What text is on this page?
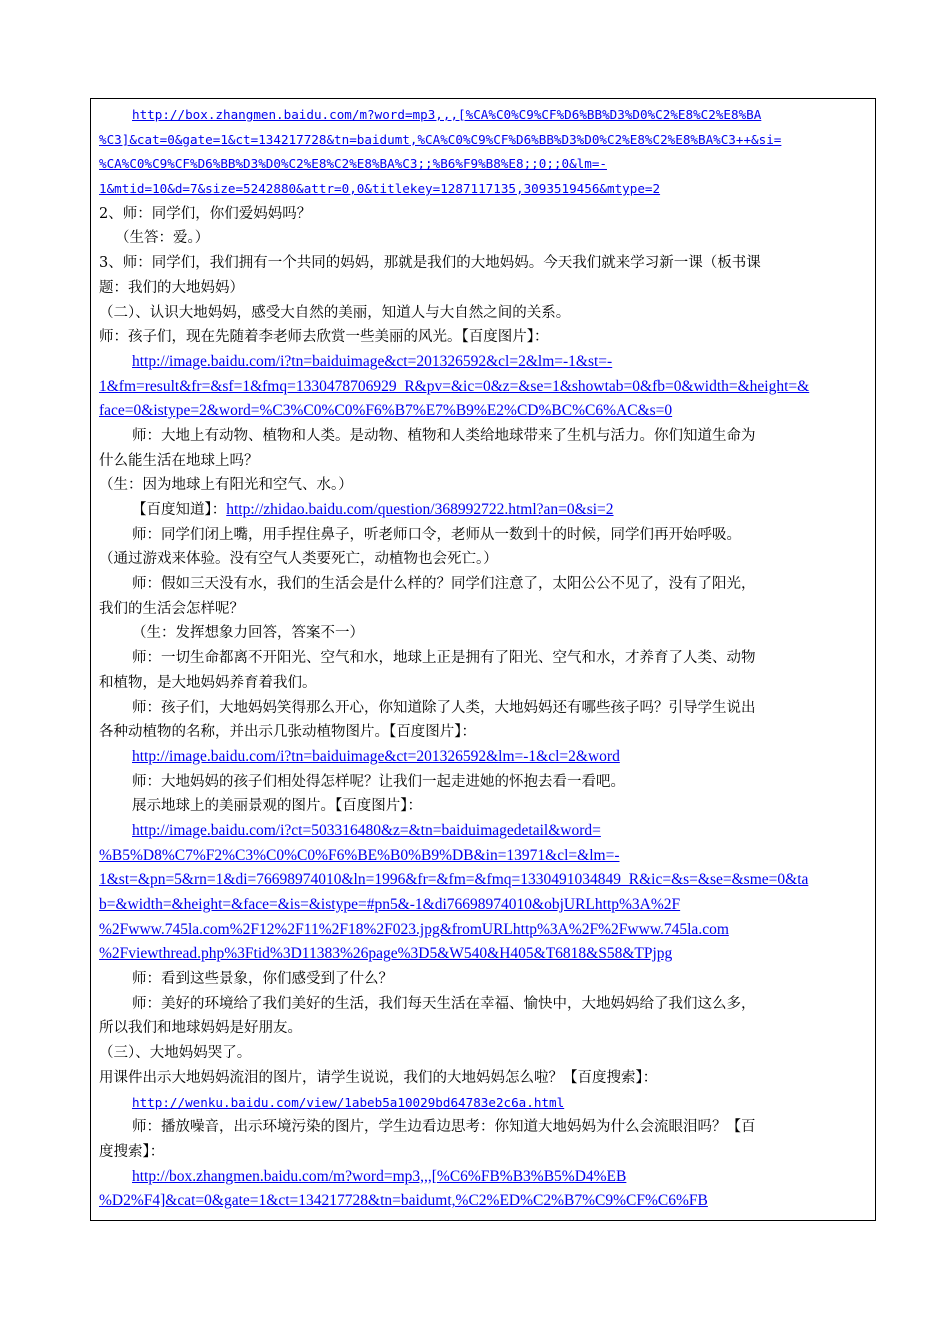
http://box.zhangmen.baidu.com/m?word=mp3,,,[%CA%C0%C9%CF%D6%BB%D3%D0%C2%E8%C2%E8%BA
%C3]&cat=0&gate=1&ct=134217728&tn=baidumt,%CA%C0%C9%CF%D6%BB%D3%D0%C2%E8%C2%E8%BA%C3++&si=
%CA%C0%C9%CF%D6%BB%D3%D0%C2%E8%C2%E8%BA%C3;;%B6%F9%B8%E8;;0;;0&lm=-
1&mtid=10&d=7&size=5242880&attr=0,0&titlekey=1287117135,3093519456&mtype=2
2、师：同学们，你们爱妈妈吗？
（生答：爱。）
3、师：同学们，我们拥有一个共同的妈妈，那就是我们的大地妈妈。今天我们就来学习新一课（板书课
题：我们的大地妈妈）
（二）、认识大地妈妈，感受大自然的美丽，知道人与大自然之间的关系。
师：孩子们，现在先随着李老师去欣赏一些美丽的风光。【百度图片】：
http://image.baidu.com/i?tn=baiduimage&ct=201326592&cl=2&lm=-1&st=-
1&fm=result&fr=&sf=1&fmq=1330478706929_R&pv=&ic=0&z=&se=1&showtab=0&fb=0&width=&height=&
face=0&istype=2&word=%C3%C0%C0%F6%B7%E7%B9%E2%CD%BC%C6%AC&s=0
师：大地上有动物、植物和人类。是动物、植物和人类给地球带来了生机与活力。你们知道生命为
什么能生活在地球上吗？
（生：因为地球上有阳光和空气、水。）
【百度知道】：http://zhidao.baidu.com/question/368992722.html?an=0&si=2
师：同学们闭上嘴，用手捏住鼻子，听老师口令，老师从一数到十的时候，同学们再开始呼吸。
（通过游戏来体验。没有空气人类要死亡，动植物也会死亡。）
师：假如三天没有水，我们的生活会是什么样的？同学们注意了，太阳公公不见了，没有了阳光，
我们的生活会怎样呢？
（生：发挥想象力回答，答案不一）
师：一切生命都离不开阳光、空气和水，地球上正是拥有了阳光、空气和水，才养育了人类、动物
和植物，是大地妈妈养育着我们。
师：孩子们，大地妈妈笑得那么开心，你知道除了人类，大地妈妈还有哪些孩子吗？引导学生说出
各种动植物的名称，并出示几张动植物图片。【百度图片】：
http://image.baidu.com/i?tn=baiduimage&ct=201326592&lm=-1&cl=2&word
师：大地妈妈的孩子们相处得怎样呢？让我们一起走进她的怀抱去看一看吧。
展示地球上的美丽景观的图片。【百度图片】：
http://image.baidu.com/i?ct=503316480&z=&tn=baiduimagedetail&word=
%B5%D8%C7%F2%C3%C0%C0%F6%BE%B0%B9%DB&in=13971&cl=&lm=-
1&st=&pn=5&rn=1&di=76698974010&ln=1996&fr=&fm=&fmq=1330491034849_R&ic=&s=&se=&sme=0&ta
b=&width=&height=&face=&is=&istype=#pn5&-1&di76698974010&objURLhttp%3A%2F
%2Fwww.745la.com%2F12%2F11%2F18%2F023.jpg&fromURLhttp%3A%2F%2Fwww.745la.com
%2Fviewthread.php%3Ftid%3D11383%26page%3D5&W540&H405&T6818&S58&TPjpg
师：看到这些景象，你们感受到了什么？
师：美好的环境给了我们美好的生活，我们每天生活在幸福、愉快中，大地妈妈给了我们这么多，
所以我们和地球妈妈是好朋友。
（三）、大地妈妈哭了。
用课件出示大地妈妈流泪的图片，请学生说说，我们的大地妈妈怎么啦？【百度搜索】：
http://wenku.baidu.com/view/1abeb5a10029bd64783e2c6a.html
师：播放噪音，出示环境污染的图片，学生边看边思考：你知道大地妈妈为什么会流眼泪吗？【百
度搜索】：
http://box.zhangmen.baidu.com/m?word=mp3,,,[%C6%FB%B3%B5%D4%EB
%D2%F4]&cat=0&gate=1&ct=134217728&tn=baidumt,%C2%ED%C2%B7%C9%CF%C6%FB
